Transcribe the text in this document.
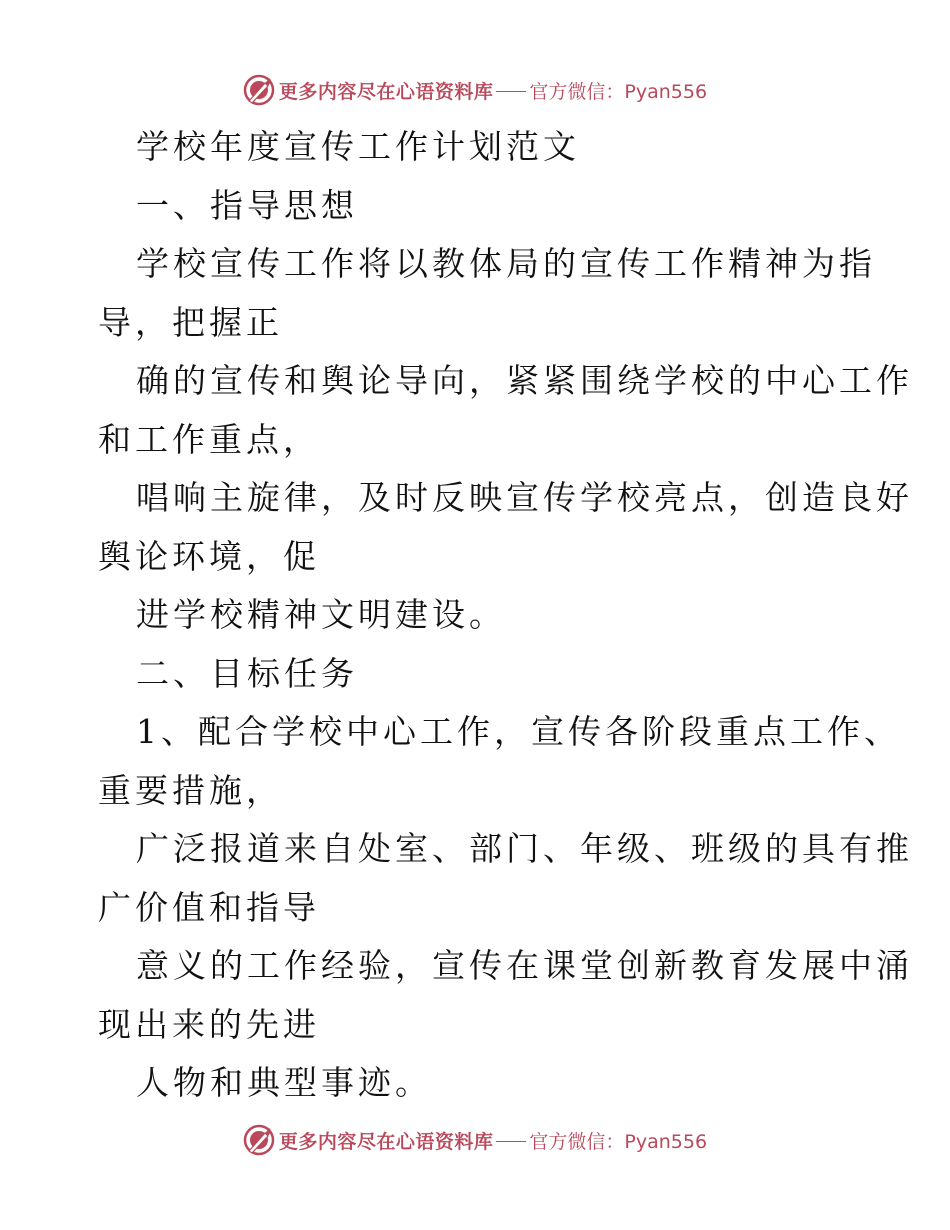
更多内容尽在心语资料库 官方微信：Pyan556

学校年度宣传工作计划范文

一、指导思想

学校宣传工作将以教体局的宣传工作精神为指

导，把握正

确的宣传和舆论导向，紧紧围绕学校的中心工作

和工作重点，

唱响主旋律，及时反映宣传学校亮点，创造良好

舆论环境，促

进学校精神文明建设。

二、目标任务

1、配合学校中心工作，宣传各阶段重点工作、

重要措施，

广泛报道来自处室、部门、年级、班级的具有推

广价值和指导

意义的工作经验，宣传在课堂创新教育发展中涌

现出来的先进

人物和典型事迹。

更多内容尽在心语资料库 官方微信：Pyan556
